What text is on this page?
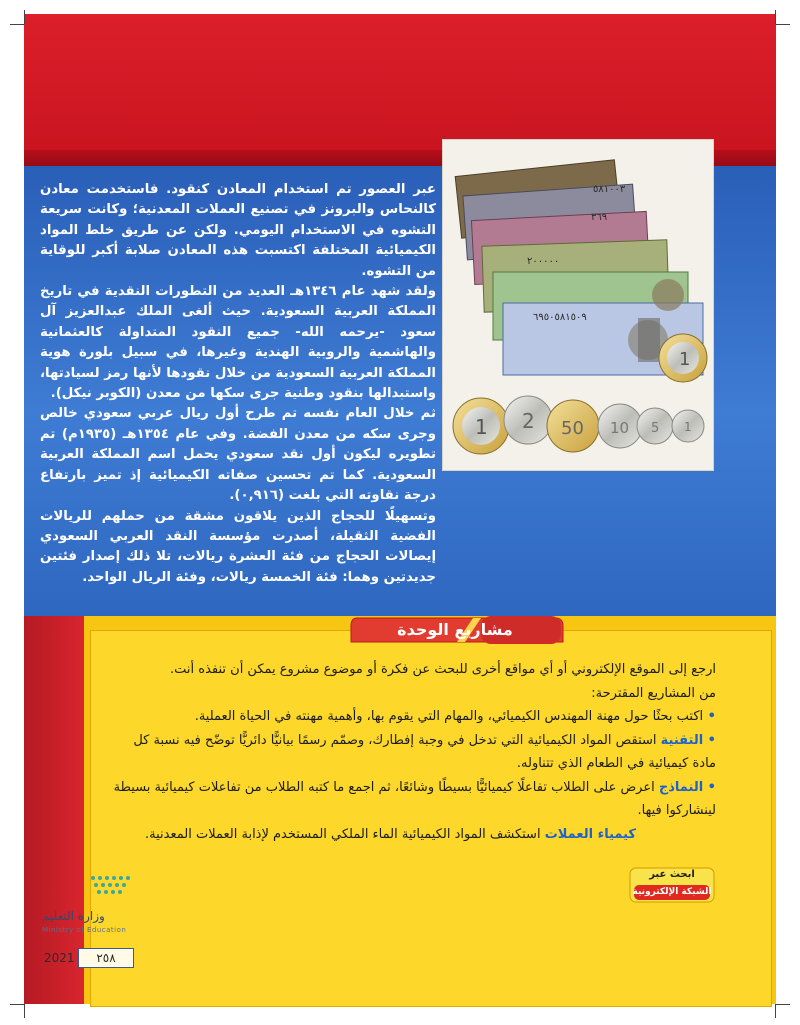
٥٨١٠٠٣
٣٦٩
٢٠٠٠٠٠
٦٩٥٠٥٨١٥٠٩
1
1 2 50 10 5 1

عبر العصور تم استخدام المعادن كنقود. فاستخدمت معادن كالنحاس والبرونز في تصنيع العملات المعدنية؛ وكانت سريعة التشوه في الاستخدام اليومي. ولكن عن طريق خلط المواد الكيميائية المختلفة اكتسبت هذه المعادن صلابة أكبر للوقاية من التشوه.

ولقد شهد عام ١٣٤٦هـ العديد من التطورات النقدية في تاريخ المملكة العربية السعودية. حيث ألغى الملك عبدالعزيز آل سعود -يرحمه الله- جميع النقود المتداولة كالعثمانية والهاشمية والروبية الهندية وغيرها، في سبيل بلورة هوية المملكة العربية السعودية من خلال نقودها لأنها رمز لسيادتها، واستبدالها بنقود وطنية جرى سكها من معدن (الكوبر نيكل).

ثم خلال العام نفسه تم طرح أول ريال عربي سعودي خالص وجرى سكه من معدن الفضة. وفي عام ١٣٥٤هـ (١٩٣٥م) تم تطويره ليكون أول نقد سعودي يحمل اسم المملكة العربية السعودية. كما تم تحسين صفاته الكيميائية إذ تميز بارتفاع درجة نقاوته التي بلغت (٠,٩١٦).

وتسهيلًا للحجاج الذين يلاقون مشقة من حملهم للريالات الفضية الثقيلة، أصدرت مؤسسة النقد العربي السعودي إيصالات الحجاج من فئة العشرة ريالات، تلا ذلك إصدار فئتين جديدتين وهما: فئة الخمسة ريالات، وفئة الريال الواحد.

مشاريع الوحدة

ارجع إلى الموقع الإلكتروني أو أي مواقع أخرى للبحث عن فكرة أو موضوع مشروع يمكن أن تنفذه أنت.

من المشاريع المقترحة:

• اكتب بحثًا حول مهنة المهندس الكيميائي، والمهام التي يقوم بها، وأهمية مهنته في الحياة العملية.

• التقنية استقص المواد الكيميائية التي تدخل في وجبة إفطارك، وصمّم رسمًا بيانيًّا دائريًّا توضّح فيه نسبة كل مادة كيميائية في الطعام الذي تتناوله.

• النماذج اعرض على الطلاب تفاعلًا كيميائيًّا بسيطًا وشائعًا، ثم اجمع ما كتبه الطلاب من تفاعلات كيميائية بسيطة لينشاركوا فيها.

كيمياء العملات استكشف المواد الكيميائية الماء الملكي المستخدم لإذابة العملات المعدنية.

ابحث عبر
الشبكة الإلكترونية
وزارة التعليم
Ministry of Education
2021	٢٥٨
